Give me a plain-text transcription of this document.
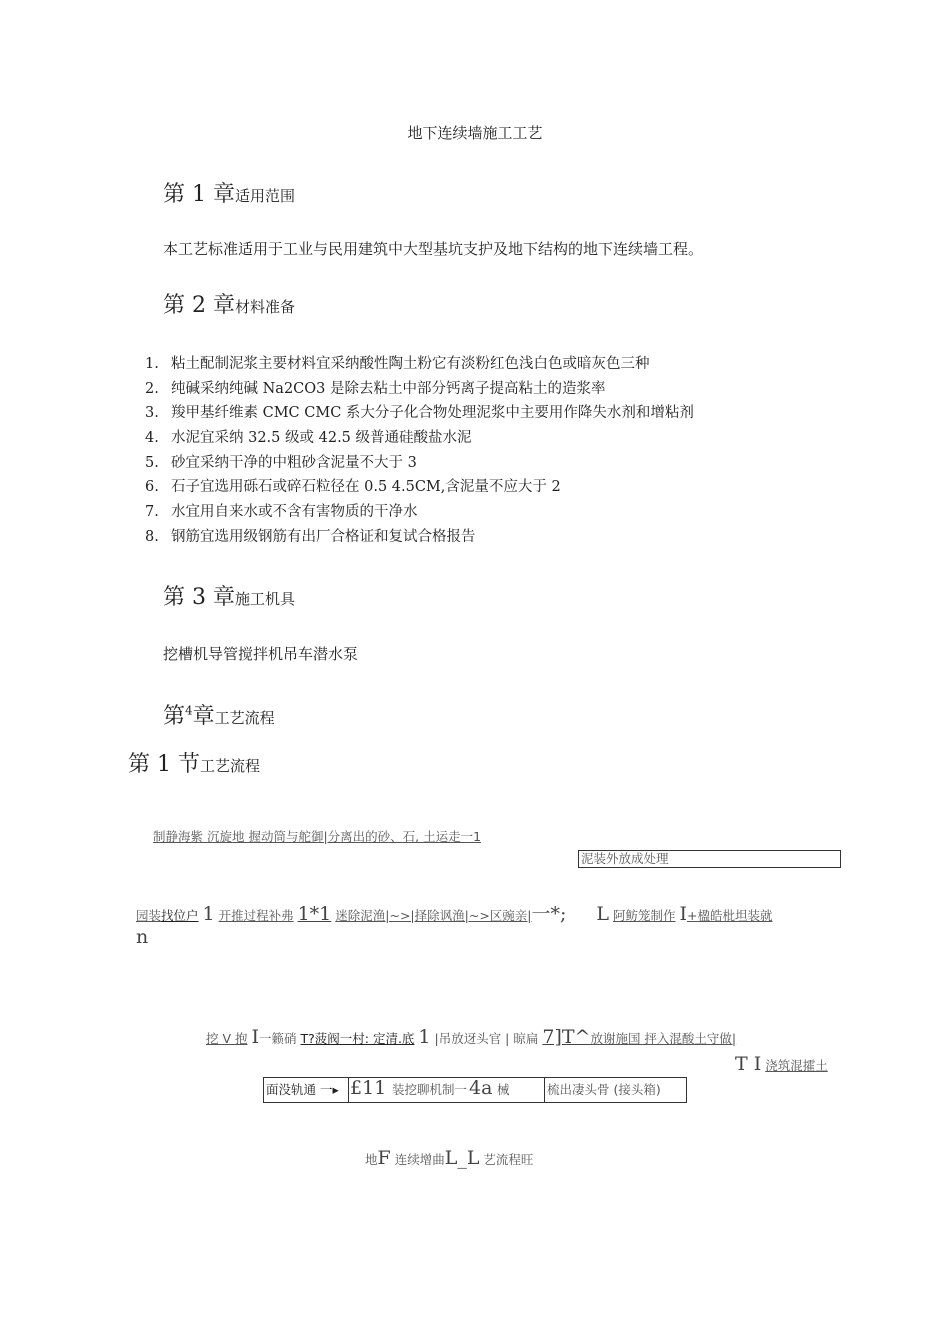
地下连续墙施工工艺
第 1 章适用范围
本工艺标准适用于工业与民用建筑中大型基坑支护及地下结构的地下连续墙工程。
第 2 章材料准备
1. 粘土配制泥浆主要材料宜采纳酸性陶土粉它有淡粉红色浅白色或暗灰色三种
2. 纯碱采纳纯碱 Na2CO3 是除去粘土中部分钙离子提高粘土的造浆率
3. 羧甲基纤维素 CMC CMC 系大分子化合物处理泥浆中主要用作降失水剂和增粘剂
4. 水泥宜采纳 32.5 级或 42.5 级普通硅酸盐水泥
5. 砂宜采纳干净的中粗砂含泥量不大于 3
6. 石子宜选用砾石或碎石粒径在 0.5 4.5CM,含泥量不应大于 2
7. 水宜用自来水或不含有害物质的干净水
8. 钢筋宜选用级钢筋有出厂合格证和复试合格报告
第 3 章施工机具
挖槽机导管搅拌机吊车潜水泵
第$^4$章工艺流程
第 1 节工艺流程
制静海紫 沉旋地 握动筒与舵御|分离出的砂、石, 土运走一1
泥装外放成处理
园装找位户 1 开推过程补弗 1*1 迷除泥渔|~>|择除讽渔|~>区豌亲|一*; L 阿鲂笼制作 I+楹皓枇坦装就
n
挖 V 抱 I一籁硝 T?菠阀一村: 定清.底 1 |吊放迓头官 | 晾扁 7]T^放谢施国 抨入混酸土守做|
T I 浇筑混攉土
面没轨通 一▸ £11 装挖聊机制一 4a 械	梳出凄头骨 (接头箱)
地F 连续增曲L_L 艺流程旺
